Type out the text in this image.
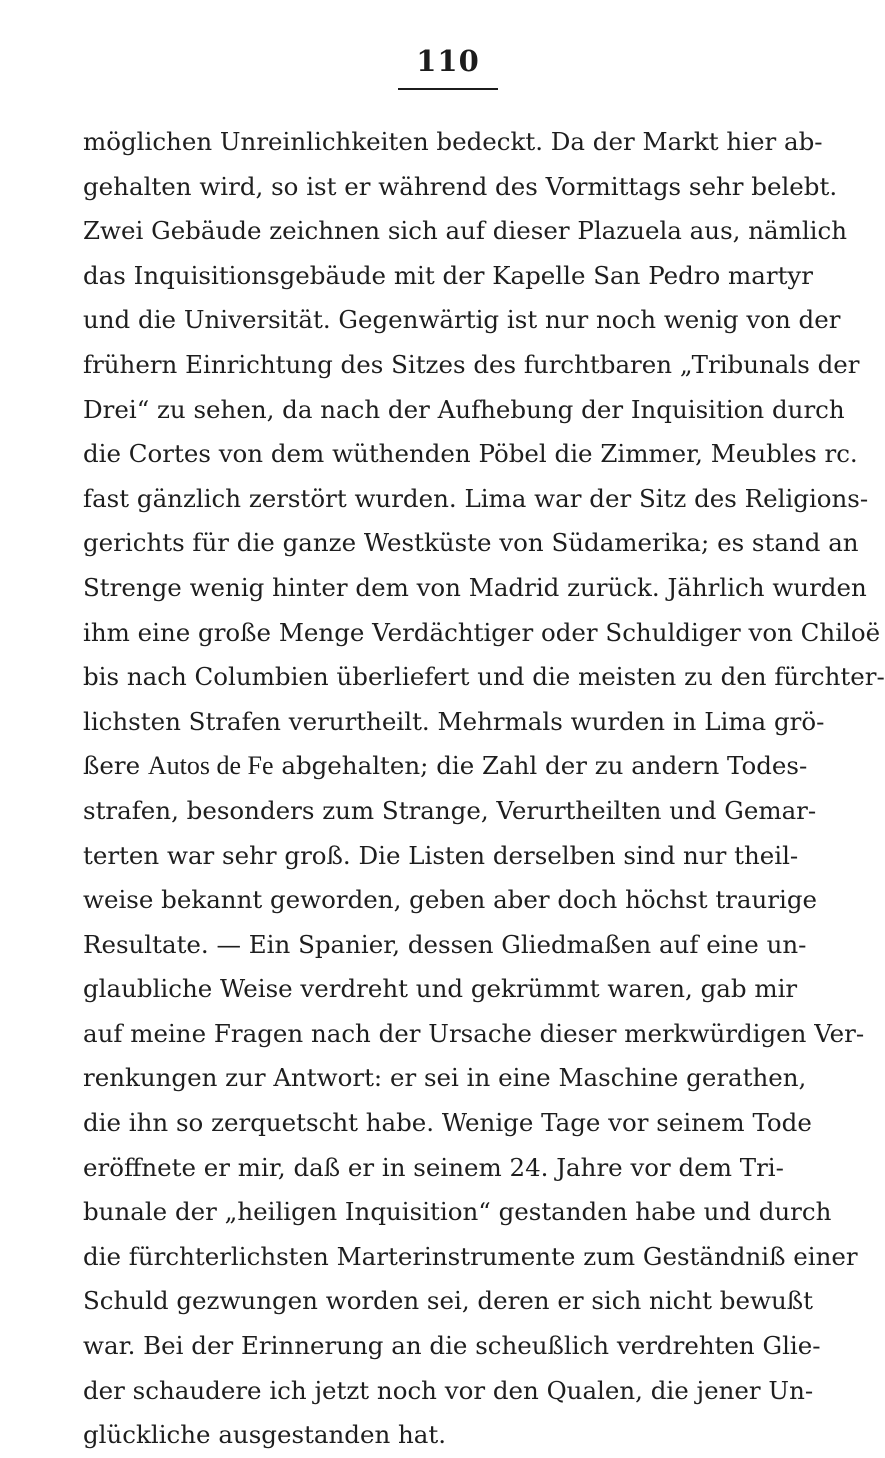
110
möglichen Unreinlichkeiten bedeckt. Da der Markt hier ab-
gehalten wird, so ist er während des Vormittags sehr belebt.
Zwei Gebäude zeichnen sich auf dieser Plazuela aus, nämlich
das Inquisitionsgebäude mit der Kapelle San Pedro martyr
und die Universität. Gegenwärtig ist nur noch wenig von der
frühern Einrichtung des Sitzes des furchtbaren „Tribunals der
Drei“ zu sehen, da nach der Aufhebung der Inquisition durch
die Cortes von dem wüthenden Pöbel die Zimmer, Meubles rc.
fast gänzlich zerstört wurden. Lima war der Sitz des Religions-
gerichts für die ganze Westküste von Südamerika; es stand an
Strenge wenig hinter dem von Madrid zurück. Jährlich wurden
ihm eine große Menge Verdächtiger oder Schuldiger von Chiloë
bis nach Columbien überliefert und die meisten zu den fürchter-
lichsten Strafen verurtheilt. Mehrmals wurden in Lima grö-
ßere Autos de Fe abgehalten; die Zahl der zu andern Todes-
strafen, besonders zum Strange, Verurtheilten und Gemar-
terten war sehr groß. Die Listen derselben sind nur theil-
weise bekannt geworden, geben aber doch höchst traurige
Resultate. — Ein Spanier, dessen Gliedmaßen auf eine un-
glaubliche Weise verdreht und gekrümmt waren, gab mir
auf meine Fragen nach der Ursache dieser merkwürdigen Ver-
renkungen zur Antwort: er sei in eine Maschine gerathen,
die ihn so zerquetscht habe. Wenige Tage vor seinem Tode
eröffnete er mir, daß er in seinem 24. Jahre vor dem Tri-
bunale der „heiligen Inquisition“ gestanden habe und durch
die fürchterlichsten Marterinstrumente zum Geständniß einer
Schuld gezwungen worden sei, deren er sich nicht bewußt
war. Bei der Erinnerung an die scheußlich verdrehten Glie-
der schaudere ich jetzt noch vor den Qualen, die jener Un-
glückliche ausgestanden hat.
